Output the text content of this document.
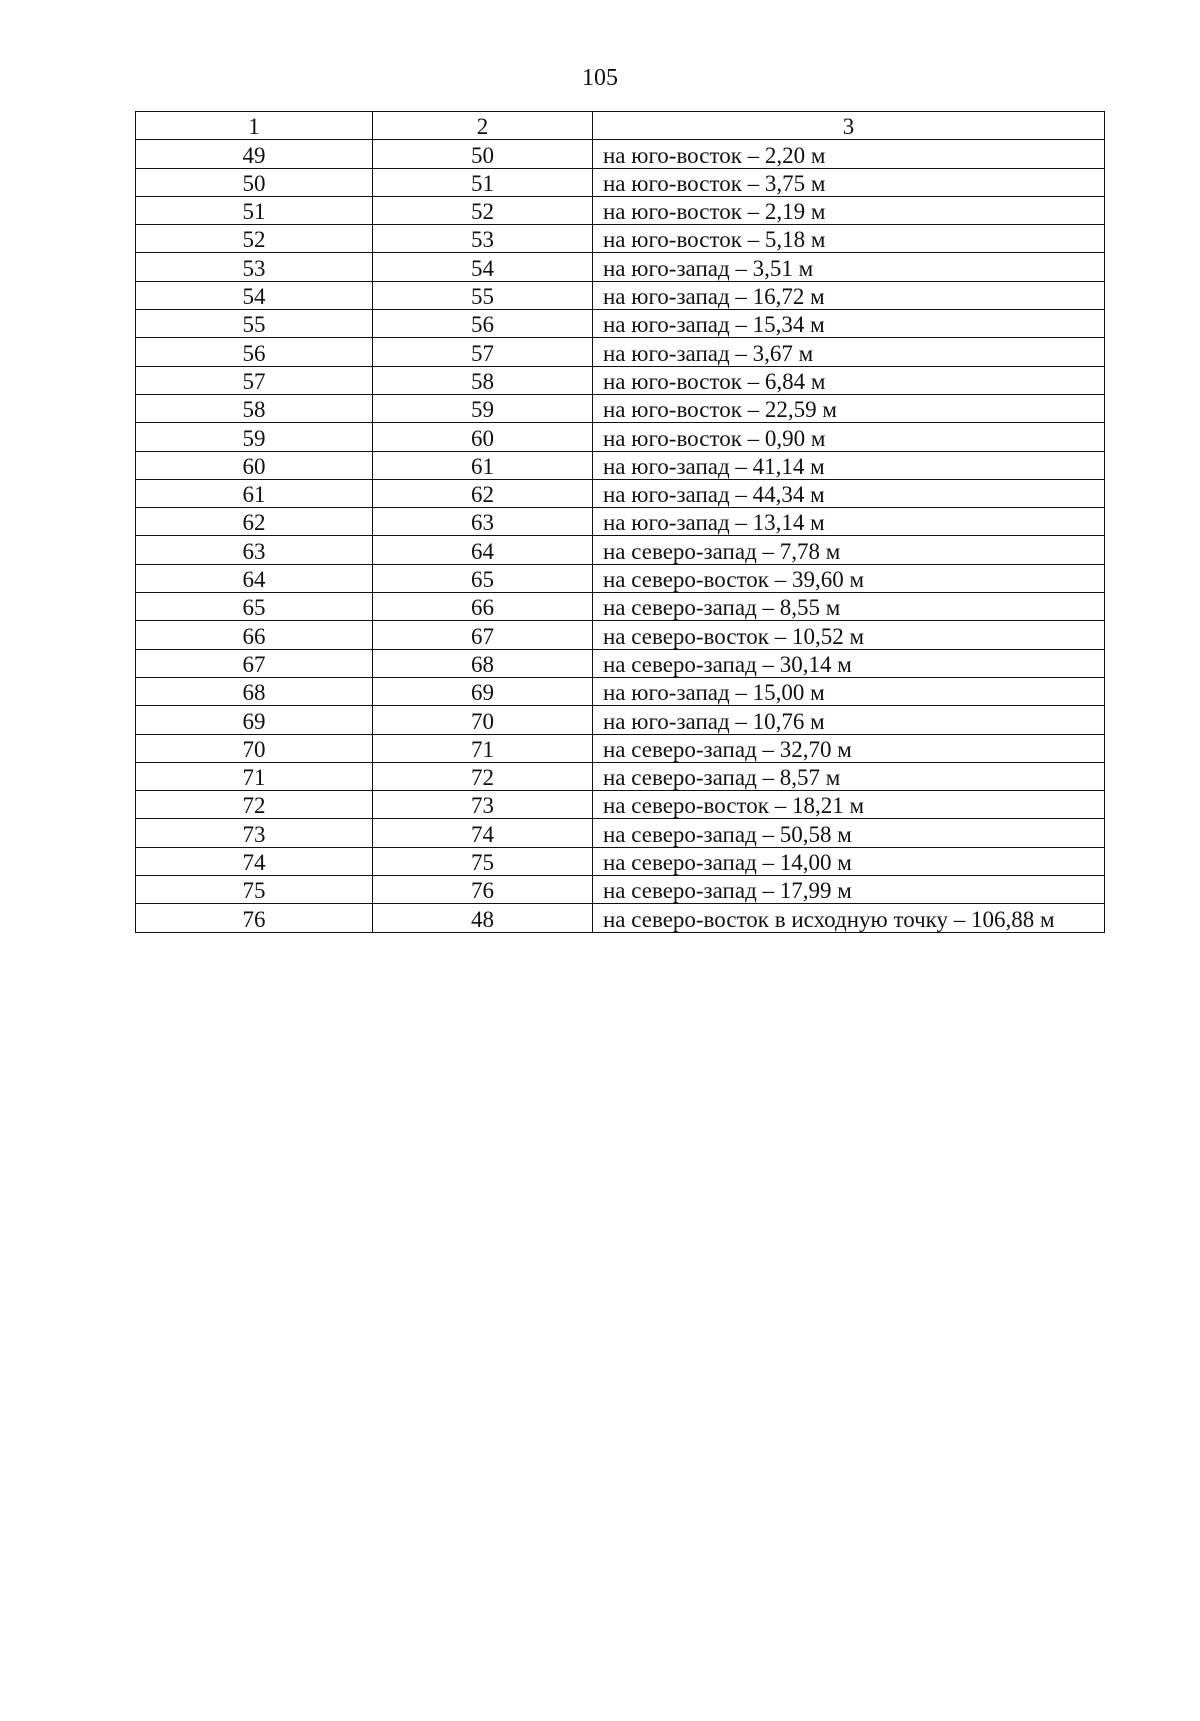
105
1	2	3
49	50	на юго-восток – 2,20 м
50	51	на юго-восток – 3,75 м
51	52	на юго-восток – 2,19 м
52	53	на юго-восток – 5,18 м
53	54	на юго-запад – 3,51 м
54	55	на юго-запад – 16,72 м
55	56	на юго-запад – 15,34 м
56	57	на юго-запад – 3,67 м
57	58	на юго-восток – 6,84 м
58	59	на юго-восток – 22,59 м
59	60	на юго-восток – 0,90 м
60	61	на юго-запад – 41,14 м
61	62	на юго-запад – 44,34 м
62	63	на юго-запад – 13,14 м
63	64	на северо-запад – 7,78 м
64	65	на северо-восток – 39,60 м
65	66	на северо-запад – 8,55 м
66	67	на северо-восток – 10,52 м
67	68	на северо-запад – 30,14 м
68	69	на юго-запад – 15,00 м
69	70	на юго-запад – 10,76 м
70	71	на северо-запад – 32,70 м
71	72	на северо-запад – 8,57 м
72	73	на северо-восток – 18,21 м
73	74	на северо-запад – 50,58 м
74	75	на северо-запад – 14,00 м
75	76	на северо-запад – 17,99 м
76	48	на северо-восток в исходную точку – 106,88 м
